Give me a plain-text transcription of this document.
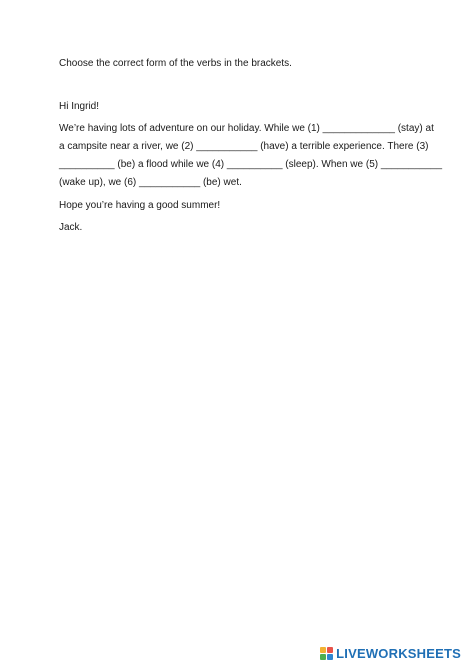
Choose the correct form of the verbs in the brackets.
Hi Ingrid!
We’re having lots of adventure on our holiday. While we (1) _____________ (stay) at
a campsite near a river, we (2) ___________ (have) a terrible experience. There (3)
__________ (be) a flood while we (4) __________ (sleep). When we (5) ___________
(wake up), we (6) ___________ (be) wet.
Hope you’re having a good summer!
Jack.
LIVEWORKSHEETS
